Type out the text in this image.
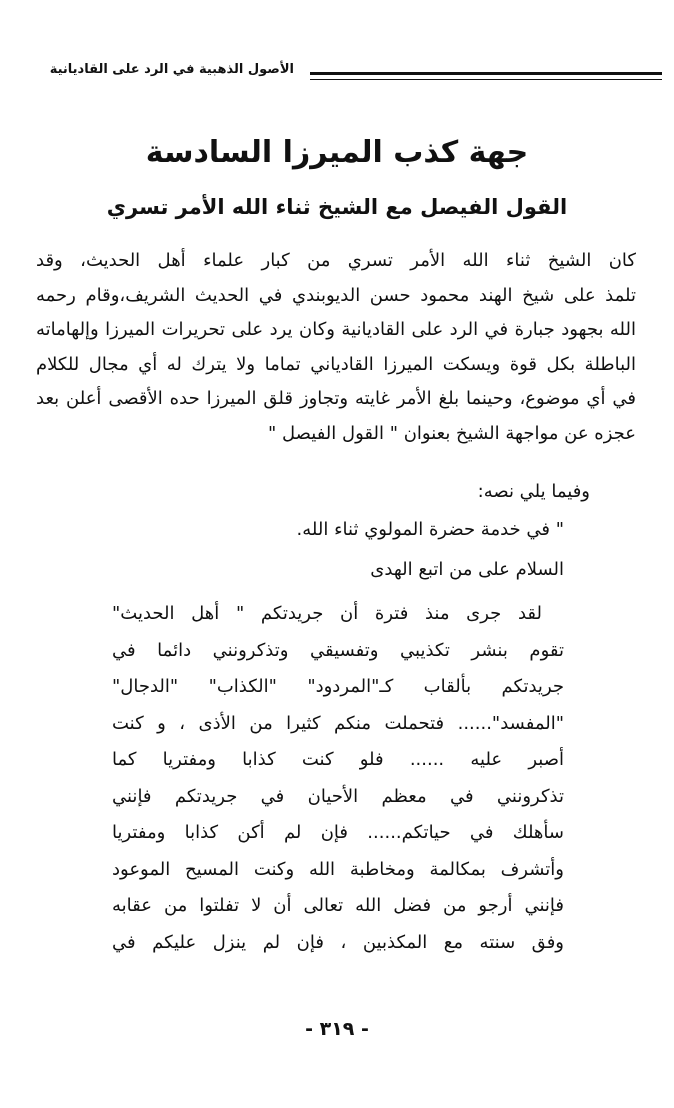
الأصول الذهبية في الرد على القاديانية
جهة كذب الميرزا السادسة
القول الفيصل مع الشيخ ثناء الله الأمر تسري
كان الشيخ ثناء الله الأمر تسري من كبار علماء أهل الحديث، وقد
تلمذ على شيخ الهند محمود حسن الديوبندي في الحديث الشريف،وقام رحمه
الله بجهود جبارة في الرد على القاديانية وكان يرد على تحريرات الميرزا وإلهاماته
الباطلة بكل قوة ويسكت الميرزا القادياني تماما ولا يترك له أي مجال للكلام
في أي موضوع، وحينما بلغ الأمر غايته وتجاوز قلق الميرزا حده الأقصى أعلن بعد
عجزه عن مواجهة الشيخ بعنوان " القول الفيصل "
وفيما يلي نصه:
" في خدمة حضرة المولوي ثناء الله.
السلام على من اتبع الهدى
لقد جرى منذ فترة أن جريدتكم " أهل الحديث"
تقوم بنشر تكذيبي وتفسيقي وتذكرونني دائما في
جريدتكم بألقاب كـ"المردود" "الكذاب" "الدجال"
"المفسد"...... فتحملت منكم كثيرا من الأذى ، و كنت
أصبر عليه ...... فلو كنت كذابا ومفتريا كما
تذكرونني في معظم الأحيان في جريدتكم فإنني
سأهلك في حياتكم...... فإن لم أكن كذابا ومفتريا
وأتشرف بمكالمة ومخاطبة الله وكنت المسيح الموعود
فإنني أرجو من فضل الله تعالى أن لا تفلتوا من عقابه
وفق سنته مع المكذبين ، فإن لم ينزل عليكم في
- ٣١٩ -
